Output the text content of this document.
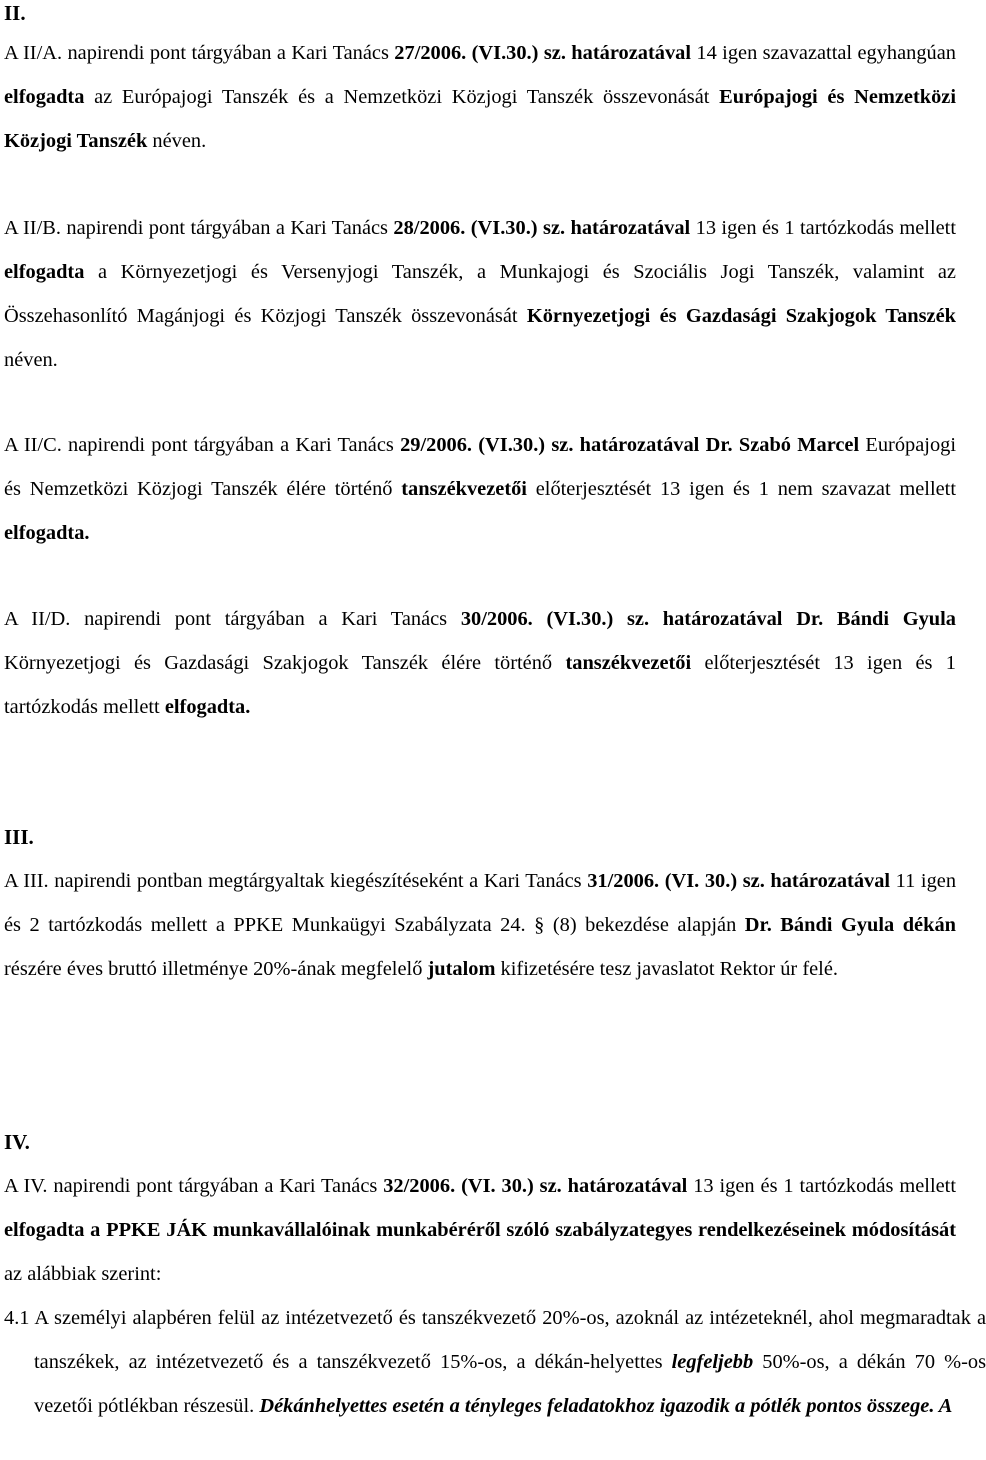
II.

A II/A. napirendi pont tárgyában a Kari Tanács 27/2006. (VI.30.) sz. határozatával 14 igen szavazattal egyhangúan elfogadta az Európajogi Tanszék és a Nemzetközi Közjogi Tanszék összevonását Európajogi és Nemzetközi Közjogi Tanszék néven.

A II/B. napirendi pont tárgyában a Kari Tanács 28/2006. (VI.30.) sz. határozatával 13 igen és 1 tartózkodás mellett elfogadta a Környezetjogi és Versenyjogi Tanszék, a Munkajogi és Szociális Jogi Tanszék, valamint az Összehasonlító Magánjogi és Közjogi Tanszék összevonását Környezetjogi és Gazdasági Szakjogok Tanszék néven.

A II/C. napirendi pont tárgyában a Kari Tanács 29/2006. (VI.30.) sz. határozatával Dr. Szabó Marcel Európajogi és Nemzetközi Közjogi Tanszék élére történő tanszékvezetői előterjesztését 13 igen és 1 nem szavazat mellett elfogadta.

A II/D. napirendi pont tárgyában a Kari Tanács 30/2006. (VI.30.) sz. határozatával Dr. Bándi Gyula Környezetjogi és Gazdasági Szakjogok Tanszék élére történő tanszékvezetői előterjesztését 13 igen és 1 tartózkodás mellett elfogadta.

III.

A III. napirendi pontban megtárgyaltak kiegészítéseként a Kari Tanács 31/2006. (VI. 30.) sz. határozatával 11 igen és 2 tartózkodás mellett a PPKE Munkaügyi Szabályzata 24. § (8) bekezdése alapján Dr. Bándi Gyula dékán részére éves bruttó illetménye 20%-ának megfelelő jutalom kifizetésére tesz javaslatot Rektor úr felé.

IV.

A IV. napirendi pont tárgyában a Kari Tanács 32/2006. (VI. 30.) sz. határozatával 13 igen és 1 tartózkodás mellett elfogadta a PPKE JÁK munkavállalóinak munkabéréről szóló szabályzategyes rendelkezéseinek módosítását az alábbiak szerint:

4.1 A személyi alapbéren felül az intézetvezető és tanszékvezető 20%-os, azoknál az intézeteknél, ahol megmaradtak a tanszékek, az intézetvezető és a tanszékvezető 15%-os, a dékán-helyettes legfeljebb 50%-os, a dékán 70 %-os vezetői pótlékban részesül. Dékánhelyettes esetén a tényleges feladatokhoz igazodik a pótlék pontos összege. A
